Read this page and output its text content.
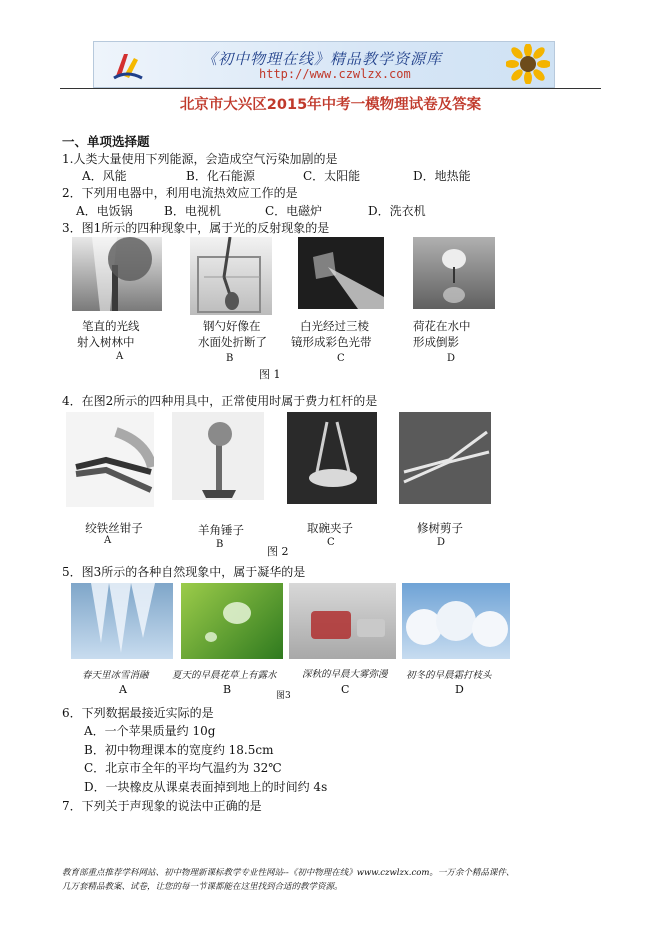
《初中物理在线》精品教学资源库
http://www.czwlzx.com
北京市大兴区2015年中考一模物理试卷及答案
一、单项选择题
1.人类大量使用下列能源，会造成空气污染加剧的是
A．风能	B．化石能源	C．太阳能	D．地热能
2．下列用电器中，利用电流热效应工作的是
A．电饭锅	B．电视机	C．电磁炉	D．洗衣机
3．图1所示的四种现象中，属于光的反射现象的是
笔直的光线
射入树林中
钢勺好像在
水面处折断了
白光经过三棱
镜形成彩色光带
荷花在水中
形成倒影
A	B	C	D
图 1
4．在图2所示的四种用具中，正常使用时属于费力杠杆的是
绞铁丝钳子	羊角锤子	取碗夹子	修树剪子
A	B	C	D
图 2
5．图3所示的各种自然现象中，属于凝华的是
春天里冰雪消融 夏天的早晨花草上有露水	深秋的早晨大雾弥漫 初冬的早晨霜打枝头
A	B	C	D
图3
6．下列数据最接近实际的是
A．一个苹果质量约 10g
B．初中物理课本的宽度约 18.5cm
C．北京市全年的平均气温约为 32℃
D．一块橡皮从课桌表面掉到地上的时间约 4s
7．下列关于声现象的说法中正确的是
教育部重点推荐学科网站、初中物理新课标教学专业性网站--《初中物理在线》www.czwlzx.com。一万余个精品课件、
几万套精品教案、试卷，让您的每一节课都能在这里找到合适的教学资源。
